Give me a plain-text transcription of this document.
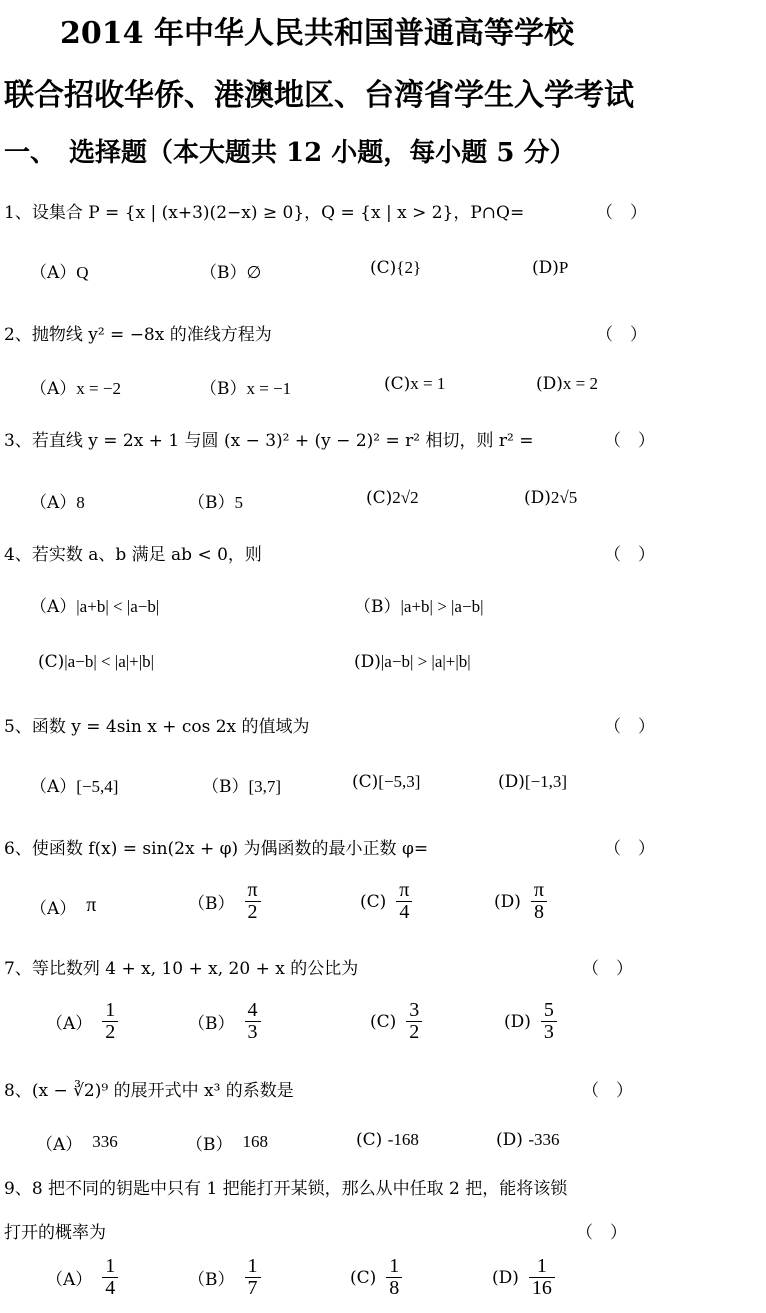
2014 年中华人民共和国普通高等学校
联合招收华侨、港澳地区、台湾省学生入学考试
一、　选择题（本大题共 12 小题，每小题 5 分）
1、设集合 P = {x | (x+3)(2−x) ≥ 0}，Q = {x | x > 2}，P∩Q=	（　）
（A）Q	（B）∅	(C){2}	(D)P
2、抛物线 y² = −8x 的准线方程为	（　）
（A）x = −2	（B）x = −1	(C)x = 1	(D)x = 2
3、若直线 y = 2x + 1 与圆 (x − 3)² + (y − 2)² = r² 相切，则 r² =	（　）
（A）8	（B）5	(C)2√2	(D)2√5
4、若实数 a、b 满足 ab < 0，则	（　）
（A）|a+b| < |a−b|	（B）|a+b| > |a−b|
(C)|a−b| < |a|+|b|	(D)|a−b| > |a|+|b|
5、函数 y = 4sin x + cos 2x 的值域为	（　）
（A）[−5,4]	（B）[3,7]	(C)[−5,3]	(D)[−1,3]
6、使函数 f(x) = sin(2x + φ) 为偶函数的最小正数 φ=	（　）
（A） π	$(B) \frac{\pi}{2}$	$(C) \frac{\pi}{4}$	$(D) \frac{\pi}{8}$
7、等比数列 4 + x, 10 + x, 20 + x 的公比为	（　）
$(A) \frac{1}{2}$	$(B) \frac{4}{3}$	$(C) \frac{3}{2}$	$(D) \frac{5}{3}$
8、(x − ∛2)⁹ 的展开式中 x³ 的系数是	（　）
（A） 336	（B） 168	(C) -168	(D) -336
9、8 把不同的钥匙中只有 1 把能打开某锁，那么从中任取 2 把，能将该锁
打开的概率为	（　）
$(A) \frac{1}{4}$	$(B) \frac{1}{7}$	$(C) \frac{1}{8}$	$(D) \frac{1}{16}$
